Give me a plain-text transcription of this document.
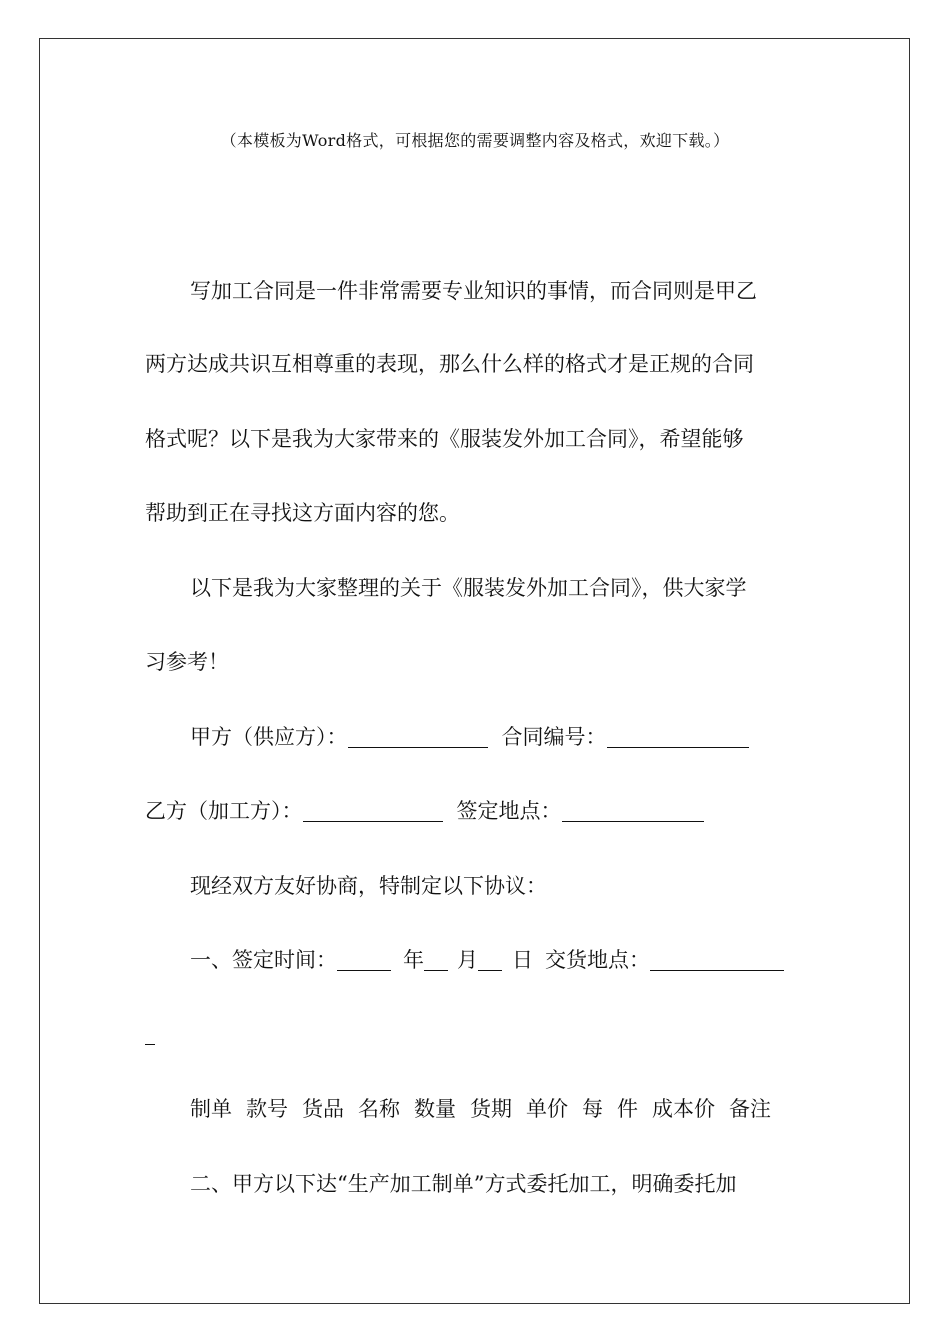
（本模板为Word格式，可根据您的需要调整内容及格式，欢迎下载。）
写加工合同是一件非常需要专业知识的事情，而合同则是甲乙
两方达成共识互相尊重的表现，那么什么样的格式才是正规的合同
格式呢？以下是我为大家带来的《服装发外加工合同》，希望能够
帮助到正在寻找这方面内容的您。
以下是我为大家整理的关于《服装发外加工合同》，供大家学
习参考！
甲方（供应方）：	合同编号：
乙方（加工方）：	签定地点：
现经双方友好协商，特制定以下协议：
一、签定时间：	年 月 日 交货地点：
制单 款号 货品 名称 数量 货期 单价 每 件 成本价 备注
二、甲方以下达“生产加工制单”方式委托加工，明确委托加
